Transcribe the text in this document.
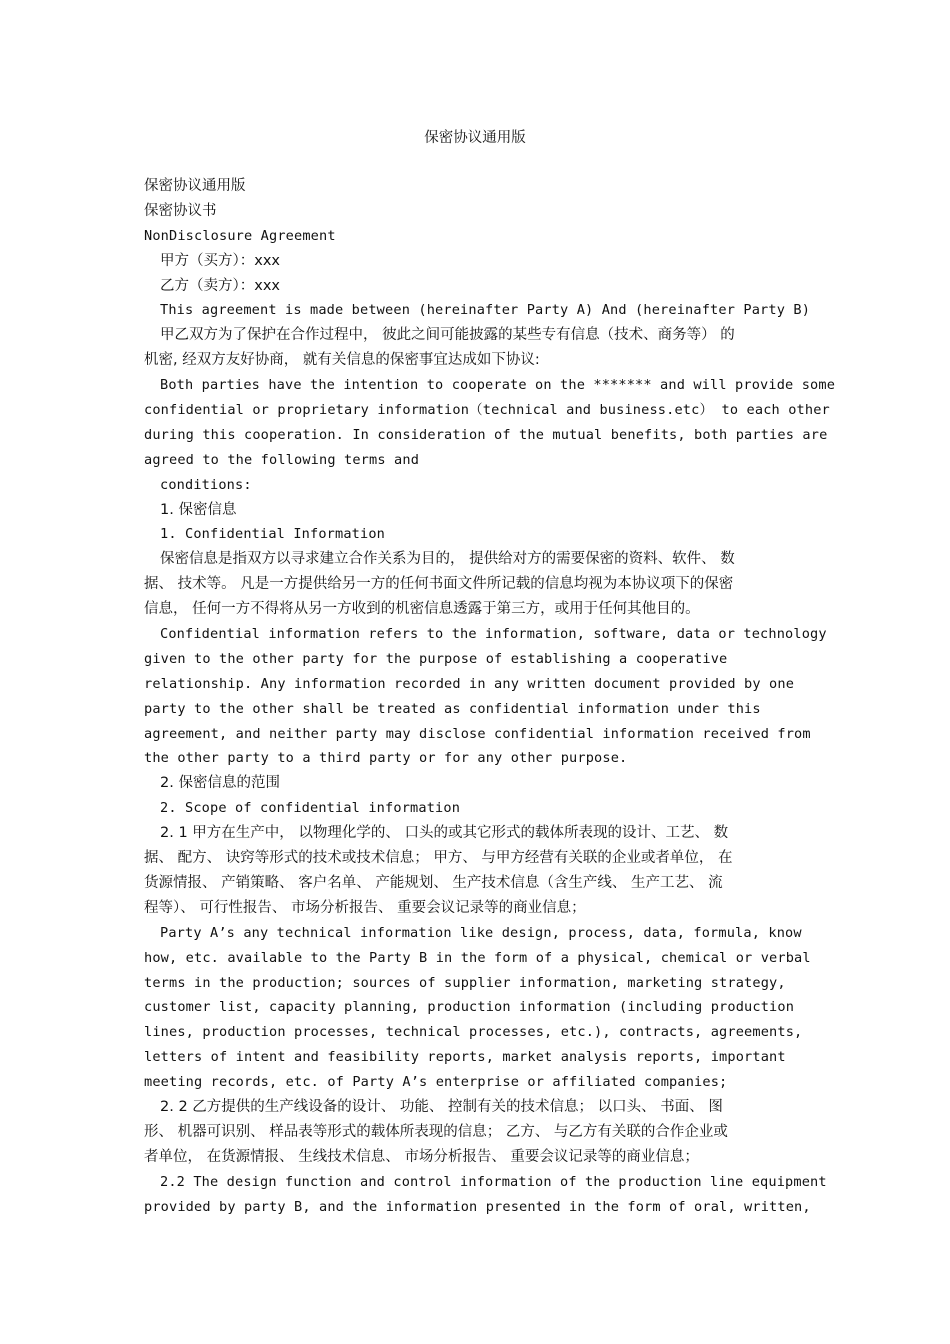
保密协议通用版
保密协议通用版
保密协议书
NonDisclosure Agreement
甲方（买方）：xxx
乙方（卖方）：xxx
This agreement is made between (hereinafter Party A) And (hereinafter Party B)
甲乙双方为了保护在合作过程中， 彼此之间可能披露的某些专有信息（技术、商务等） 的
机密, 经双方友好协商， 就有关信息的保密事宜达成如下协议:
Both parties have the intention to cooperate on the ******* and will provide some
confidential or proprietary information（technical and business.etc） to each other
during this cooperation. In consideration of the mutual benefits, both parties are
agreed to the following terms and
conditions:
1. 保密信息
1. Confidential Information
保密信息是指双方以寻求建立合作关系为目的， 提供给对方的需要保密的资料、软件、 数
据、 技术等。 凡是一方提供给另一方的任何书面文件所记载的信息均视为本协议项下的保密
信息， 任何一方不得将从另一方收到的机密信息透露于第三方，或用于任何其他目的。
Confidential information refers to the information, software, data or technology
given to the other party for the purpose of establishing a cooperative
relationship. Any information recorded in any written document provided by one
party to the other shall be treated as confidential information under this
agreement, and neither party may disclose confidential information received from
the other party to a third party or for any other purpose.
2. 保密信息的范围
2. Scope of confidential information
2. 1 甲方在生产中， 以物理化学的、 口头的或其它形式的载体所表现的设计、工艺、 数
据、 配方、 诀窍等形式的技术或技术信息； 甲方、 与甲方经营有关联的企业或者单位， 在
货源情报、 产销策略、 客户名单、 产能规划、 生产技术信息（含生产线、 生产工艺、 流
程等）、 可行性报告、 市场分析报告、 重要会议记录等的商业信息；
Party A’s any technical information like design, process, data, formula, know
how, etc. available to the Party B in the form of a physical, chemical or verbal
terms in the production; sources of supplier information, marketing strategy,
customer list, capacity planning, production information (including production
lines, production processes, technical processes, etc.), contracts, agreements,
letters of intent and feasibility reports, market analysis reports, important
meeting records, etc. of Party A’s enterprise or affiliated companies;
2. 2 乙方提供的生产线设备的设计、 功能、 控制有关的技术信息； 以口头、 书面、 图
形、 机器可识别、 样品表等形式的载体所表现的信息； 乙方、 与乙方有关联的合作企业或
者单位， 在货源情报、 生线技术信息、 市场分析报告、 重要会议记录等的商业信息；
2.2 The design function and control information of the production line equipment
provided by party B, and the information presented in the form of oral, written,
